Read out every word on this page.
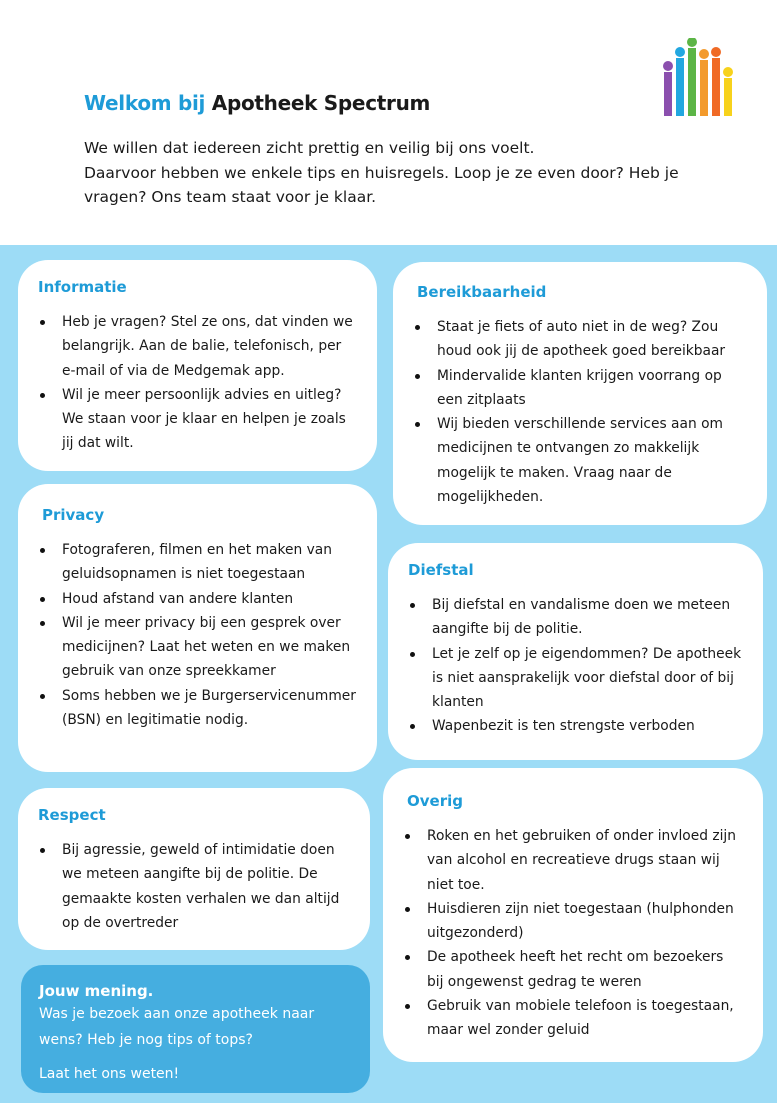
Welkom bij Apotheek Spectrum
We willen dat iedereen zicht prettig en veilig bij ons voelt.
Daarvoor hebben we enkele tips en huisregels. Loop je ze even door? Heb je vragen? Ons team staat voor je klaar.
Informatie
Heb je vragen? Stel ze ons, dat vinden we belangrijk. Aan de balie, telefonisch, per e-mail of via de Medgemak app.
Wil je meer persoonlijk advies en uitleg? We staan voor je klaar en helpen je zoals jij dat wilt.
Privacy
Fotograferen, filmen en het maken van geluidsopnamen is niet toegestaan
Houd afstand van andere klanten
Wil je meer privacy bij een gesprek over medicijnen? Laat het weten en we maken gebruik van onze spreekkamer
Soms hebben we je Burgerservicenummer (BSN) en legitimatie nodig.
Respect
Bij agressie, geweld of intimidatie doen we meteen aangifte bij de politie. De gemaakte kosten verhalen we dan altijd op de overtreder
Jouw mening.

Was je bezoek aan onze apotheek naar wens? Heb je nog tips of tops?

Laat het ons weten!

Bereikbaarheid
Staat je fiets of auto niet in de weg? Zou houd ook jij de apotheek goed bereikbaar
Mindervalide klanten krijgen voorrang op een zitplaats
Wij bieden verschillende services aan om medicijnen te ontvangen zo makkelijk mogelijk te maken. Vraag naar de mogelijkheden.
Diefstal
Bij diefstal en vandalisme doen we meteen aangifte bij de politie.
Let je zelf op je eigendommen? De apotheek is niet aansprakelijk voor diefstal door of bij klanten
Wapenbezit is ten strengste verboden
Overig
Roken en het gebruiken of onder invloed zijn van alcohol en recreatieve drugs staan wij niet toe.
Huisdieren zijn niet toegestaan (hulphonden uitgezonderd)
De apotheek heeft het recht om bezoekers bij ongewenst gedrag te weren
Gebruik van mobiele telefoon is toegestaan, maar wel zonder geluid
